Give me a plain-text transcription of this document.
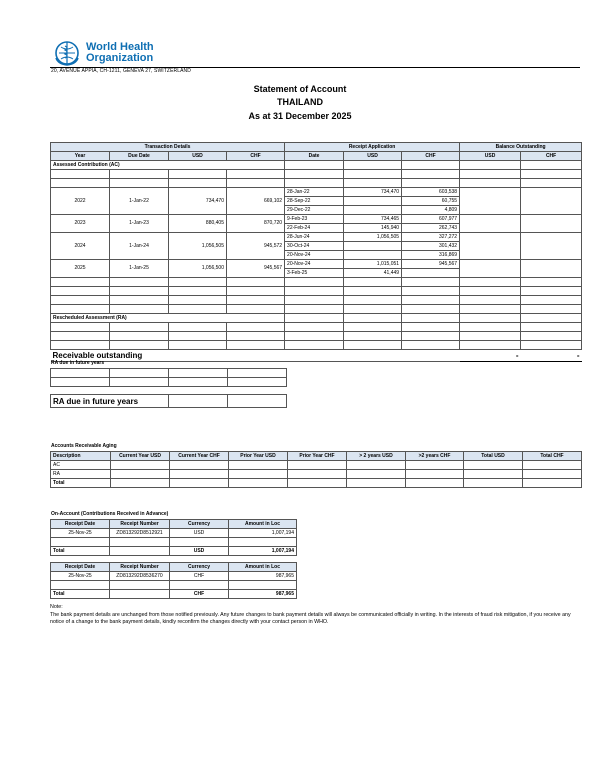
World Health
Organization
20, AVENUE APPIA, CH-1211, GENEVA 27, SWITZERLAND
Statement of Account
THAILAND
As at 31 December 2025
Transaction Details				Receipt Application			Balance Outstanding	
Year	Due Date	USD	CHF	Date	USD	CHF	USD	CHF
Assessed Contribution (AC)								

2022	1-Jan-22	734,470	669,102	28-Jan-22	734,470	603,538		
				28-Sep-22		60,755		
				29-Dec-22		4,809		
2023	1-Jan-23	880,405	870,720	9-Feb-23	734,465	607,977		
				22-Feb-24	145,940	262,743		
2024	1-Jan-24	1,056,505	945,572	28-Jun-24	1,056,505	327,272		
				30-Oct-24		301,432		
				20-Nov-24		316,869		
2025	1-Jan-25	1,056,500	945,567	20-Nov-24	1,015,051	945,567		
				3-Feb-25	41,449			

Rescheduled Assessment (RA)								

Receivable outstanding							-	-
RA due in future years

RA due in future years		
Accounts Receivable Aging
Description	Current Year USD	Current Year CHF	Prior Year USD	Prior Year CHF	> 2 years USD	>2 years CHF	Total USD	Total CHF
AC								
RA								
Total								
On-Account (Contributions Received in Advance)
Receipt Date	Receipt Number	Currency	Amount in Loc
25-Nov-25	ZD813292D8512921	USD	1,007,194

Total		USD	1,007,194
Receipt Date	Receipt Number	Currency	Amount in Loc
25-Nov-25	ZD813292D8536270	CHF	987,965

Total		CHF	987,965
Note:
The bank payment details are unchanged from those notified previously. Any future changes to bank payment details will always be communicated officially in writing. In the interests of fraud risk mitigation, if you receive any notice of a change to the bank payment details, kindly reconfirm the changes directly with your contact person in WHO.
